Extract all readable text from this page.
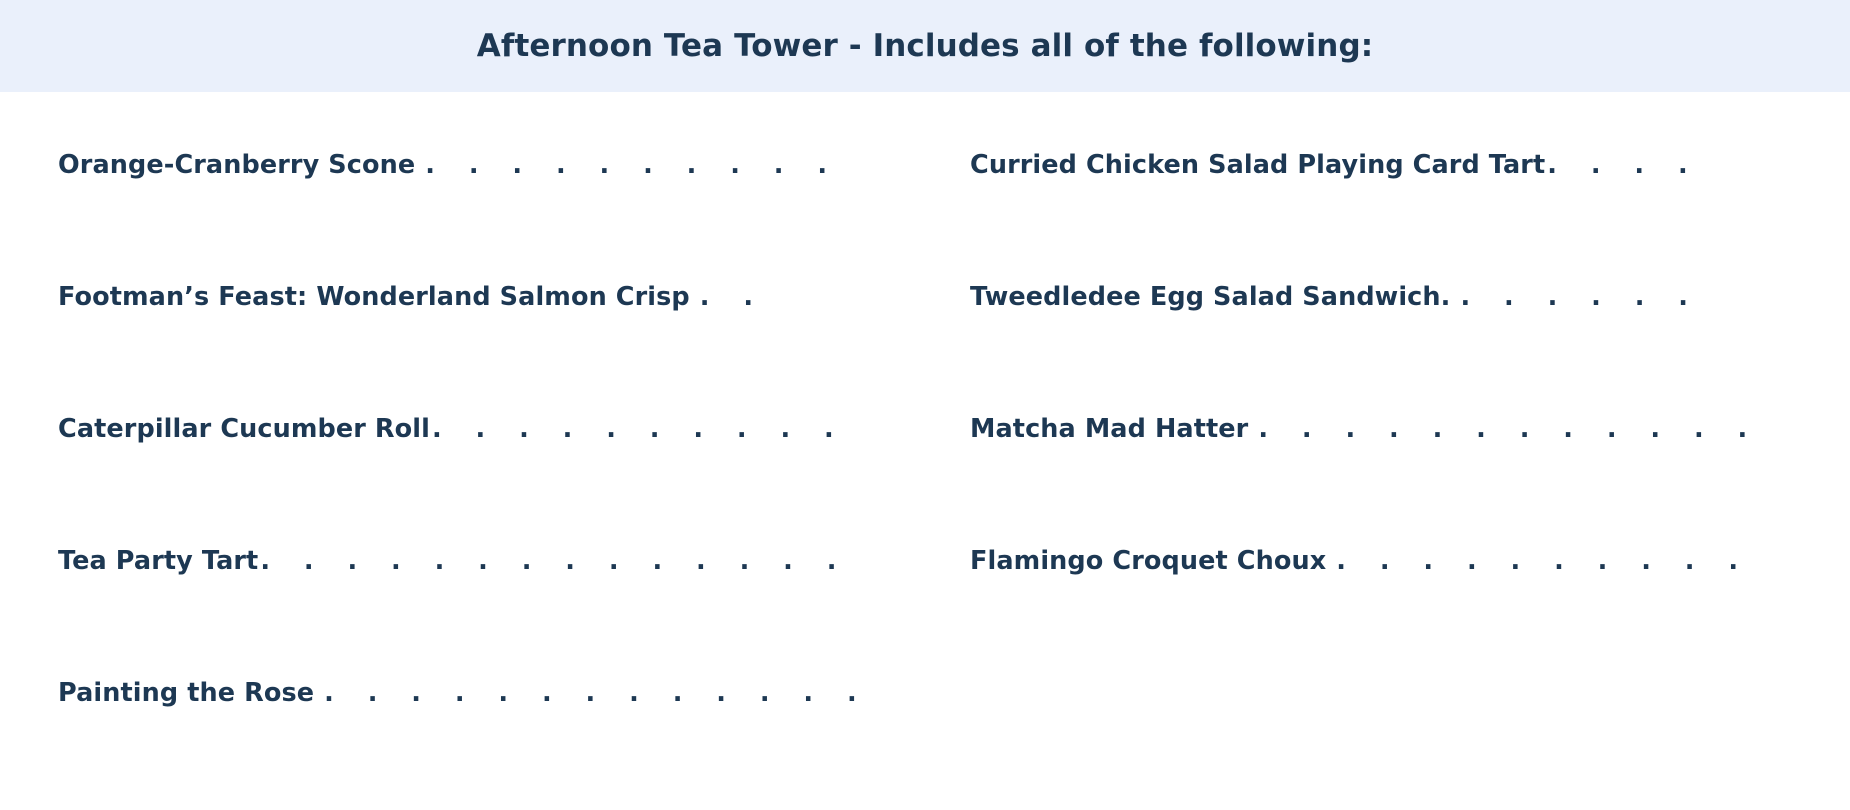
Afternoon Tea Tower - Includes all of the following:
Orange-Cranberry Scone . . . . . . . . . .
Footman’s Feast: Wonderland Salmon Crisp . .
Caterpillar Cucumber Roll . . . . . . . . . .
Tea Party Tart . . . . . . . . . . . . . .
Painting the Rose . . . . . . . . . . . . .
Curried Chicken Salad Playing Card Tart . . . .
Tweedledee Egg Salad Sandwich. . . . . . .
Matcha Mad Hatter . . . . . . . . . . . .
Flamingo Croquet Choux . . . . . . . . . .
